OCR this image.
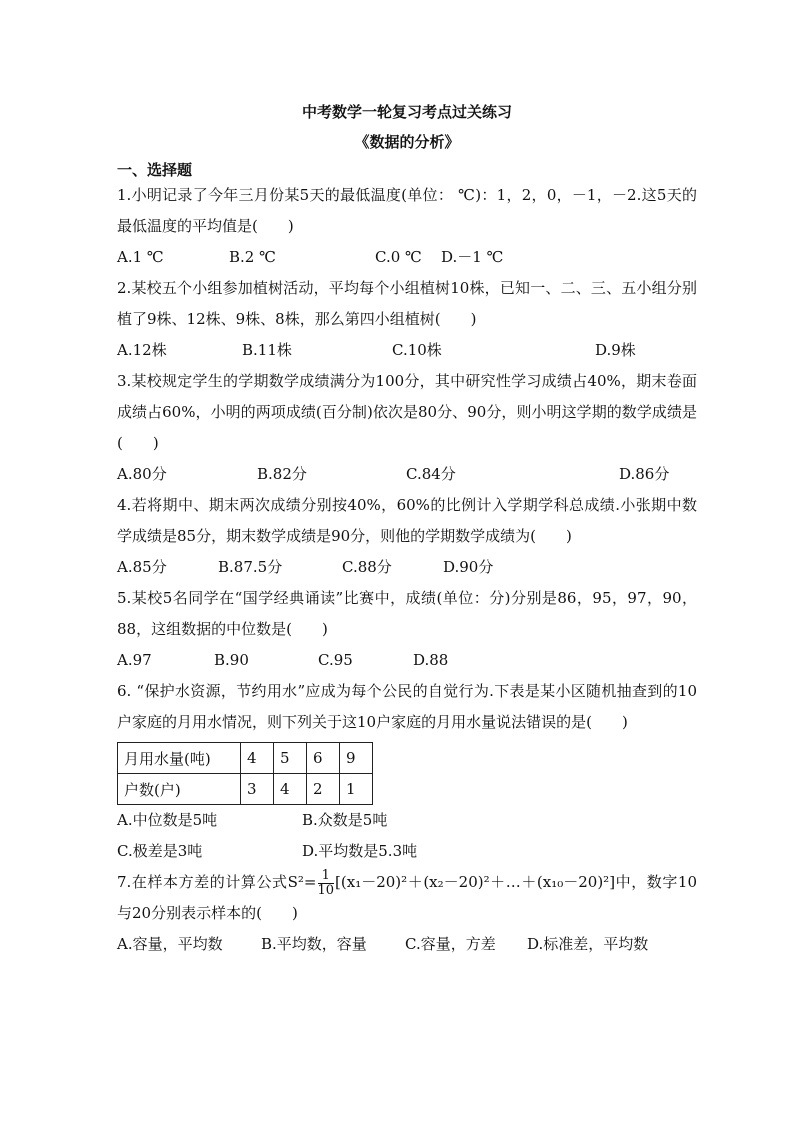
中考数学一轮复习考点过关练习
《数据的分析》
一、选择题
1.小明记录了今年三月份某5天的最低温度(单位： ℃)：1，2，0，－1，－2.这5天的最低温度的平均值是(　　)
A.1 ℃	B.2 ℃	C.0 ℃	D.－1 ℃
2.某校五个小组参加植树活动，平均每个小组植树10株，已知一、二、三、五小组分别植了9株、12株、9株、8株，那么第四小组植树(　　)
A.12株	B.11株	C.10株	D.9株
3.某校规定学生的学期数学成绩满分为100分，其中研究性学习成绩占40%，期末卷面成绩占60%，小明的两项成绩(百分制)依次是80分、90分，则小明这学期的数学成绩是(　　)
A.80分	B.82分	C.84分	D.86分
4.若将期中、期末两次成绩分别按40%，60%的比例计入学期学科总成绩.小张期中数学成绩是85分，期末数学成绩是90分，则他的学期数学成绩为(　　)
A.85分	B.87.5分	C.88分	D.90分
5.某校5名同学在“国学经典诵读”比赛中，成绩(单位：分)分别是86，95，97，90，88，这组数据的中位数是(　　)
A.97	B.90	C.95	D.88
6. “保护水资源，节约用水”应成为每个公民的自觉行为.下表是某小区随机抽查到的10户家庭的月用水情况，则下列关于这10户家庭的月用水量说法错误的是(　　)
月用水量(吨)	4	5	6	9
户数(户)	3	4	2	1
A.中位数是5吨	B.众数是5吨
C.极差是3吨	D.平均数是5.3吨
7.在样本方差的计算公式$S^2= \frac{1}{10}$ [(x₁－20)²＋(x₂－20)²＋…＋(x₁₀－20)²]中，数字10与20分别表示样本的(　　)
A.容量，平均数	B.平均数，容量	C.容量，方差	D.标准差，平均数
